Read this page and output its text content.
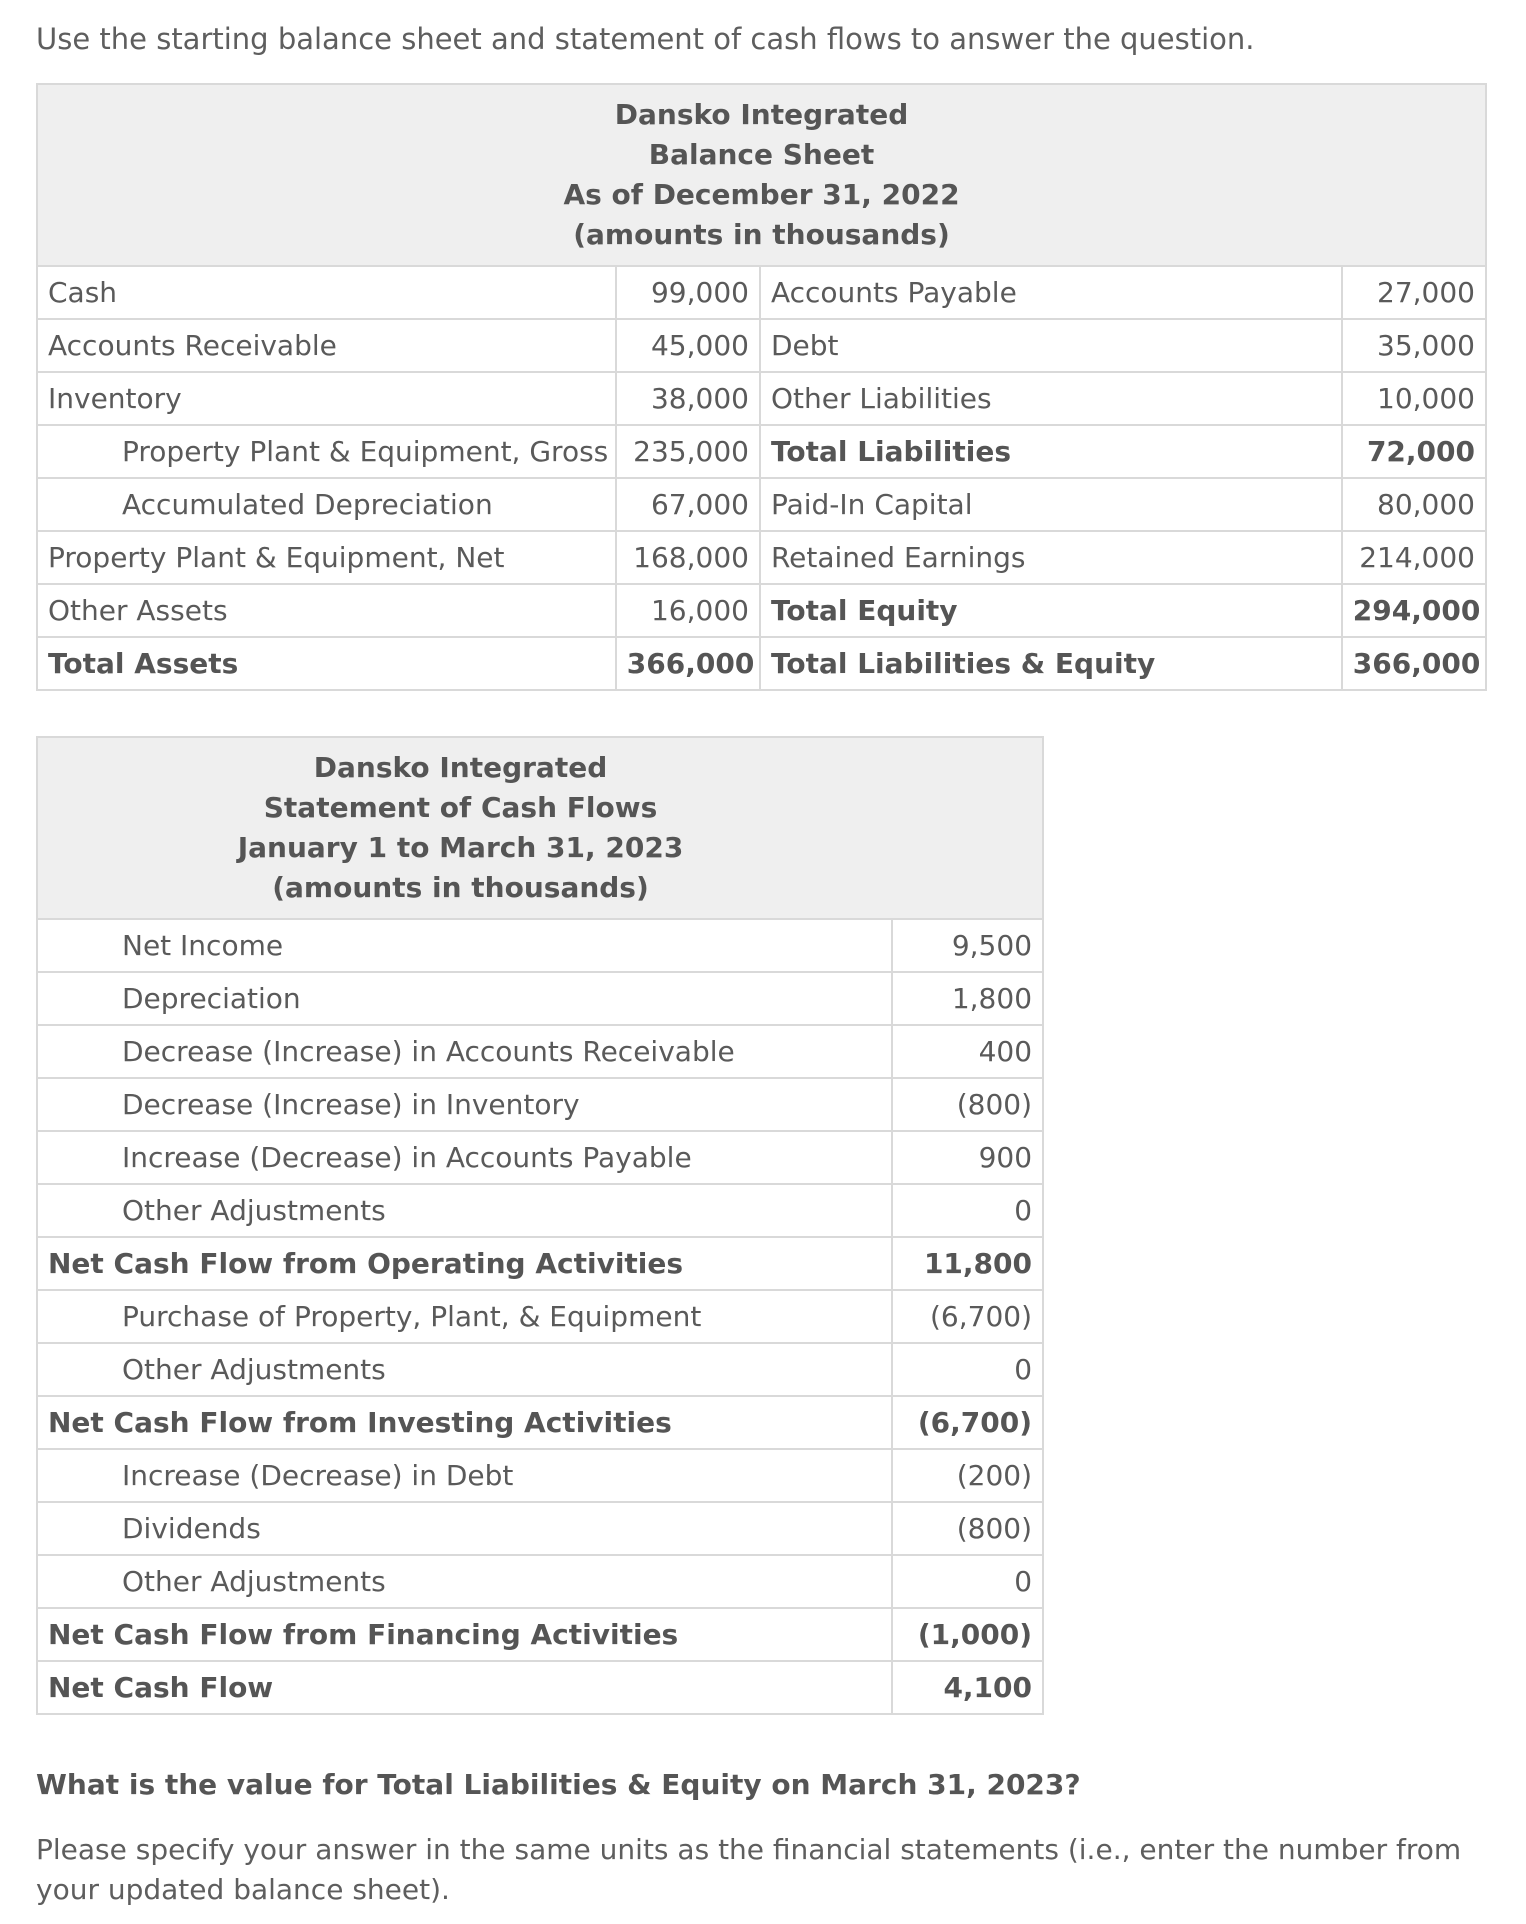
Use the starting balance sheet and statement of cash flows to answer the question.

Dansko Integrated
Balance Sheet
As of December 31, 2022
(amounts in thousands)			

Cash	99,000	Accounts Payable	27,000
Accounts Receivable	45,000	Debt	35,000
Inventory	38,000	Other Liabilities	10,000
Property Plant & Equipment, Gross	235,000	Total Liabilities	72,000
Accumulated Depreciation	67,000	Paid-In Capital	80,000
Property Plant & Equipment, Net	168,000	Retained Earnings	214,000
Other Assets	16,000	Total Equity	294,000
Total Assets	366,000	Total Liabilities & Equity	366,000
Dansko Integrated
Statement of Cash Flows
January 1 to March 31, 2023
(amounts in thousands)	

Net Income	9,500
Depreciation	1,800
Decrease (Increase) in Accounts Receivable	400
Decrease (Increase) in Inventory	(800)
Increase (Decrease) in Accounts Payable	900
Other Adjustments	0
Net Cash Flow from Operating Activities	11,800
Purchase of Property, Plant, & Equipment	(6,700)
Other Adjustments	0
Net Cash Flow from Investing Activities	(6,700)
Increase (Decrease) in Debt	(200)
Dividends	(800)
Other Adjustments	0
Net Cash Flow from Financing Activities	(1,000)
Net Cash Flow	4,100

What is the value for Total Liabilities & Equity on March 31, 2023?

Please specify your answer in the same units as the financial statements (i.e., enter the number from your updated balance sheet).
